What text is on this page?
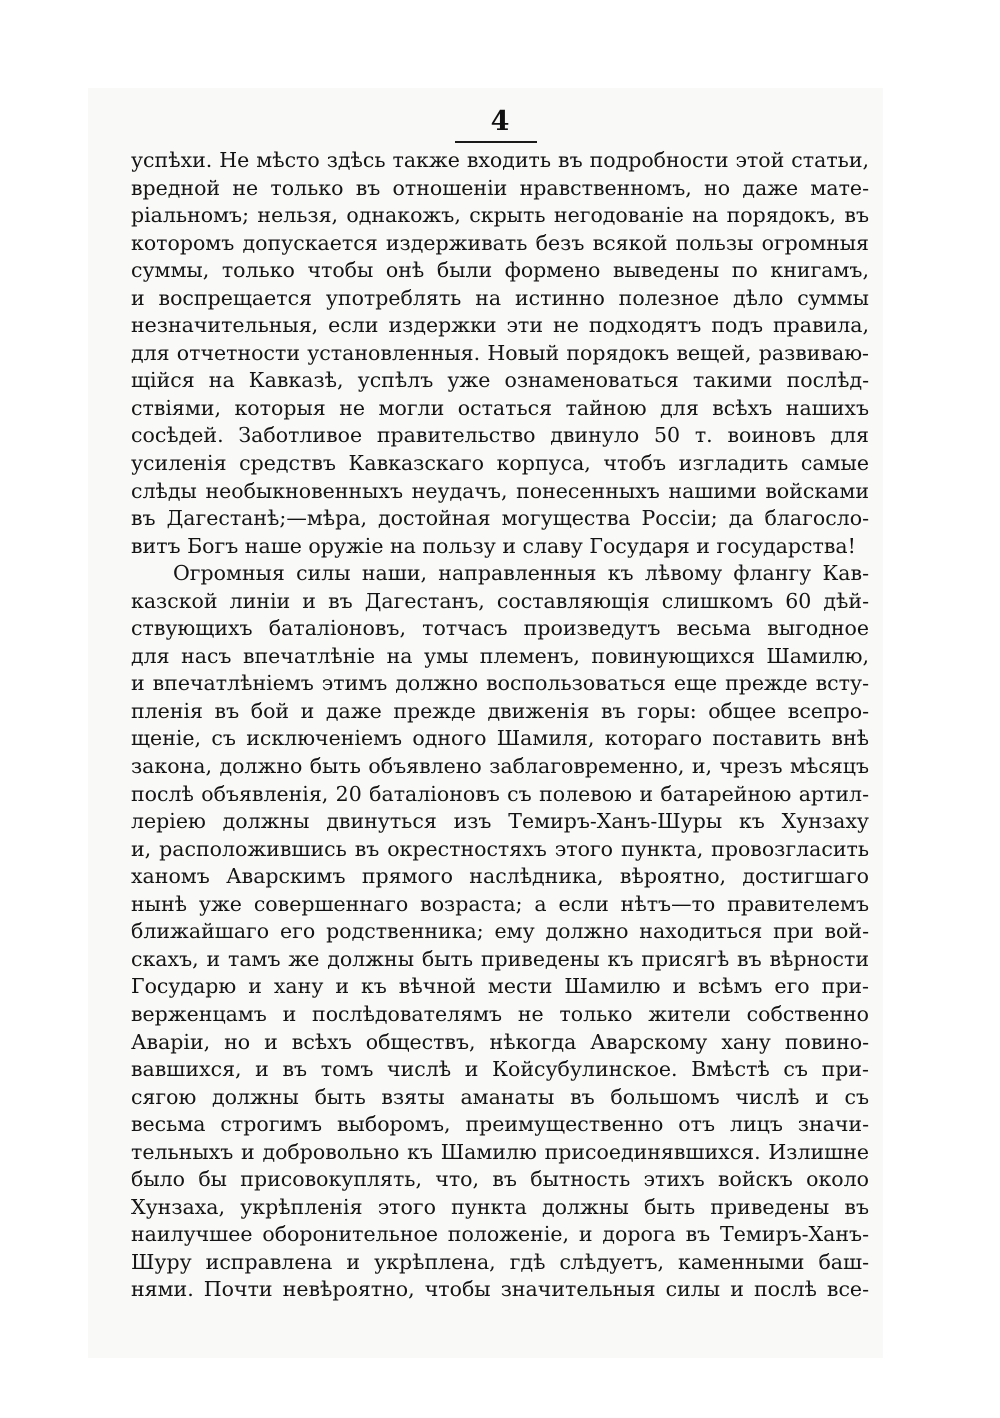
4
успѣхи. Не мѣсто здѣсь также входить въ подробности этой статьи,
вредной не только въ отношеніи нравственномъ, но даже мате-
ріальномъ; нельзя, однакожъ, скрыть негодованіе на порядокъ, въ
которомъ допускается издерживать безъ всякой пользы огромныя
суммы, только чтобы онѣ были формено выведены по книгамъ,
и воспрещается употреблять на истинно полезное дѣло суммы
незначительныя, если издержки эти не подходятъ подъ правила,
для отчетности установленныя. Новый порядокъ вещей, развиваю-
щійся на Кавказѣ, успѣлъ уже ознаменоваться такими послѣд-
ствіями, которыя не могли остаться тайною для всѣхъ нашихъ
сосѣдей. Заботливое правительство двинуло 50 т. воиновъ для
усиленія средствъ Кавказскаго корпуса, чтобъ изгладить самые
слѣды необыкновенныхъ неудачъ, понесенныхъ нашими войсками
въ Дагестанѣ;—мѣра, достойная могущества Россіи; да благосло-
витъ Богъ наше оружіе на пользу и славу Государя и государства!
Огромныя силы наши, направленныя къ лѣвому флангу Кав-
казской линіи и въ Дагестанъ, составляющія слишкомъ 60 дѣй-
ствующихъ баталіоновъ, тотчасъ произведутъ весьма выгодное
для насъ впечатлѣніе на умы племенъ, повинующихся Шамилю,
и впечатлѣніемъ этимъ должно воспользоваться еще прежде всту-
пленія въ бой и даже прежде движенія въ горы: общее всепро-
щеніе, съ исключеніемъ одного Шамиля, котораго поставить внѣ
закона, должно быть объявлено заблаговременно, и, чрезъ мѣсяцъ
послѣ объявленія, 20 баталіоновъ съ полевою и батарейною артил-
леріею должны двинуться изъ Темиръ-Ханъ-Шуры къ Хунзаху
и, расположившись въ окрестностяхъ этого пункта, провозгласить
ханомъ Аварскимъ прямого наслѣдника, вѣроятно, достигшаго
нынѣ уже совершеннаго возраста; а если нѣтъ—то правителемъ
ближайшаго его родственника; ему должно находиться при вой-
скахъ, и тамъ же должны быть приведены къ присягѣ въ вѣрности
Государю и хану и къ вѣчной мести Шамилю и всѣмъ его при-
верженцамъ и послѣдователямъ не только жители собственно
Аваріи, но и всѣхъ обществъ, нѣкогда Аварскому хану повино-
вавшихся, и въ томъ числѣ и Койсубулинское. Вмѣстѣ съ при-
сягою должны быть взяты аманаты въ большомъ числѣ и съ
весьма строгимъ выборомъ, преимущественно отъ лицъ значи-
тельныхъ и добровольно къ Шамилю присоединявшихся. Излишне
было бы присовокуплять, что, въ бытность этихъ войскъ около
Хунзаха, укрѣпленія этого пункта должны быть приведены въ
наилучшее оборонительное положеніе, и дорога въ Темиръ-Ханъ-
Шуру исправлена и укрѣплена, гдѣ слѣдуетъ, каменными баш-
нями. Почти невѣроятно, чтобы значительныя силы и послѣ все-
